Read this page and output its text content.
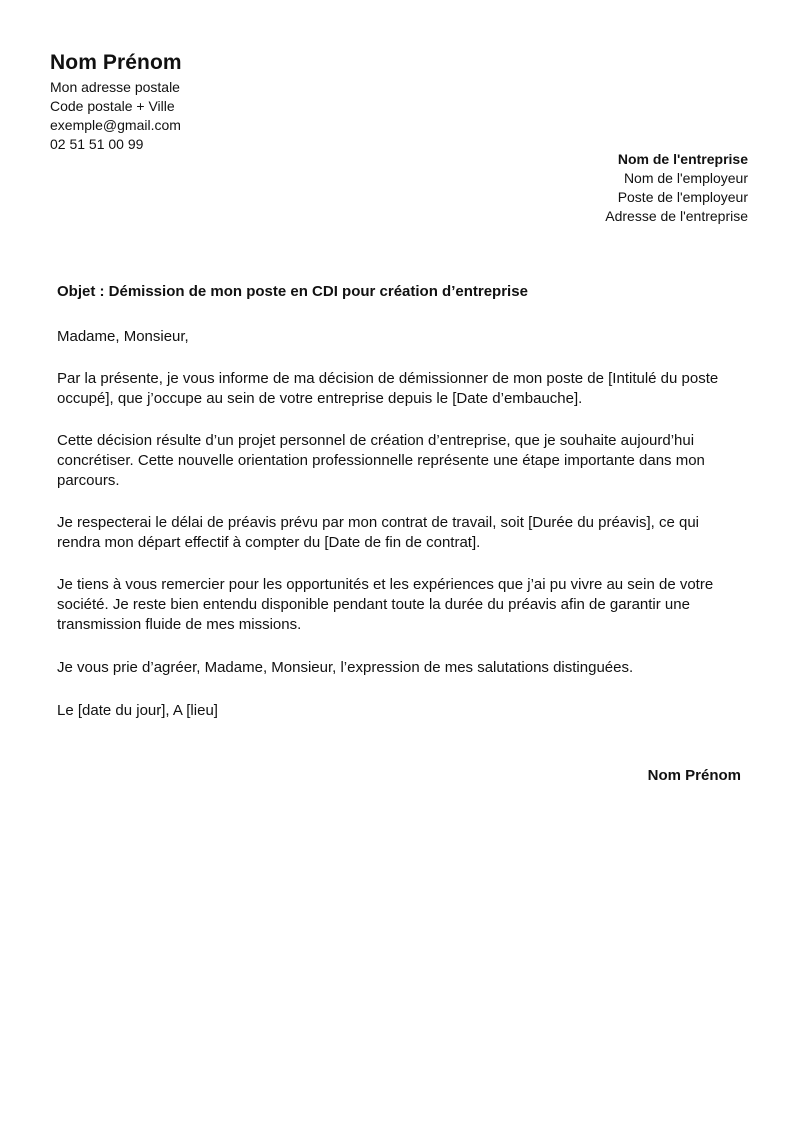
Nom Prénom

Mon adresse postale

Code postale + Ville

exemple@gmail.com

02 51 51 00 99

Nom de l'entreprise

Nom de l'employeur

Poste de l'employeur

Adresse de l'entreprise

Objet : Démission de mon poste en CDI pour création d’entreprise

Madame, Monsieur,

Par la présente, je vous informe de ma décision de démissionner de mon poste de [Intitulé du poste occupé], que j’occupe au sein de votre entreprise depuis le [Date d’embauche].

Cette décision résulte d’un projet personnel de création d’entreprise, que je souhaite aujourd’hui concrétiser. Cette nouvelle orientation professionnelle représente une étape importante dans mon parcours.

Je respecterai le délai de préavis prévu par mon contrat de travail, soit [Durée du préavis], ce qui rendra mon départ effectif à compter du [Date de fin de contrat].

Je tiens à vous remercier pour les opportunités et les expériences que j’ai pu vivre au sein de votre société. Je reste bien entendu disponible pendant toute la durée du préavis afin de garantir une transmission fluide de mes missions.

Je vous prie d’agréer, Madame, Monsieur, l’expression de mes salutations distinguées.

Le [date du jour], A [lieu]

Nom Prénom
